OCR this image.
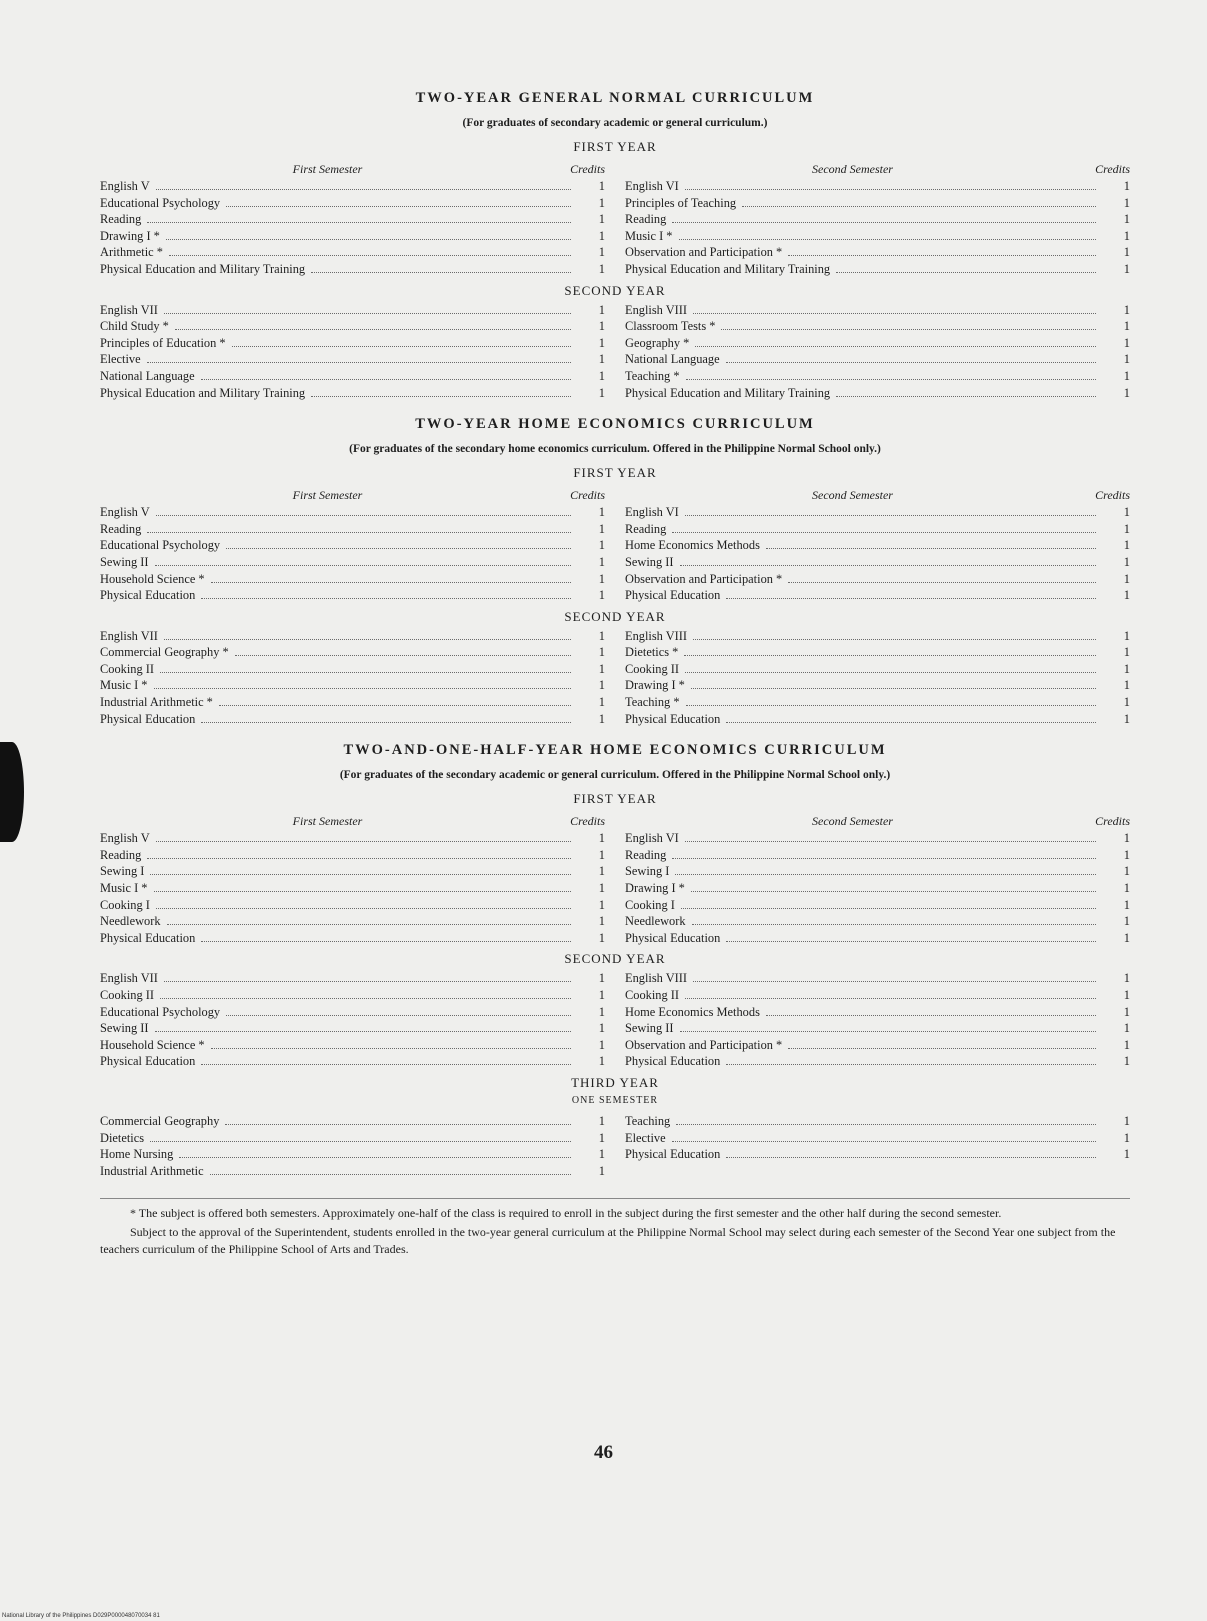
TWO-YEAR GENERAL NORMAL CURRICULUM
(For graduates of secondary academic or general curriculum.)
FIRST YEAR
First Semester	Credits
English V	1
Educational Psychology	1
Reading	1
Drawing I *	1
Arithmetic *	1
Physical Education and Military Training	1
Second Semester	Credits
English VI	1
Principles of Teaching	1
Reading	1
Music I *	1
Observation and Participation *	1
Physical Education and Military Training	1
SECOND YEAR
English VII	1
Child Study *	1
Principles of Education *	1
Elective	1
National Language	1
Physical Education and Military Training	1
English VIII	1
Classroom Tests *	1
Geography *	1
National Language	1
Teaching *	1
Physical Education and Military Training	1
TWO-YEAR HOME ECONOMICS CURRICULUM
(For graduates of the secondary home economics curriculum. Offered in the Philippine Normal School only.)
FIRST YEAR
First Semester	Credits
English V	1
Reading	1
Educational Psychology	1
Sewing II	1
Household Science *	1
Physical Education	1
Second Semester	Credits
English VI	1
Reading	1
Home Economics Methods	1
Sewing II	1
Observation and Participation *	1
Physical Education	1
SECOND YEAR
English VII	1
Commercial Geography *	1
Cooking II	1
Music I *	1
Industrial Arithmetic *	1
Physical Education	1
English VIII	1
Dietetics *	1
Cooking II	1
Drawing I *	1
Teaching *	1
Physical Education	1
TWO-AND-ONE-HALF-YEAR HOME ECONOMICS CURRICULUM
(For graduates of the secondary academic or general curriculum. Offered in the Philippine Normal School only.)
FIRST YEAR
First Semester	Credits
English V	1
Reading	1
Sewing I	1
Music I *	1
Cooking I	1
Needlework	1
Physical Education	1
Second Semester	Credits
English VI	1
Reading	1
Sewing I	1
Drawing I *	1
Cooking I	1
Needlework	1
Physical Education	1
SECOND YEAR
English VII	1
Cooking II	1
Educational Psychology	1
Sewing II	1
Household Science *	1
Physical Education	1
English VIII	1
Cooking II	1
Home Economics Methods	1
Sewing II	1
Observation and Participation *	1
Physical Education	1
THIRD YEAR
ONE SEMESTER
Commercial Geography	1
Dietetics	1
Home Nursing	1
Industrial Arithmetic	1
Teaching	1
Elective	1
Physical Education	1

* The subject is offered both semesters. Approximately one-half of the class is required to enroll in the subject during the first semester and the other half during the second semester.

Subject to the approval of the Superintendent, students enrolled in the two-year general curriculum at the Philippine Normal School may select during each semester of the Second Year one subject from the teachers curriculum of the Philippine School of Arts and Trades.

46
National Library of the Philippines D029P000048070034 81
